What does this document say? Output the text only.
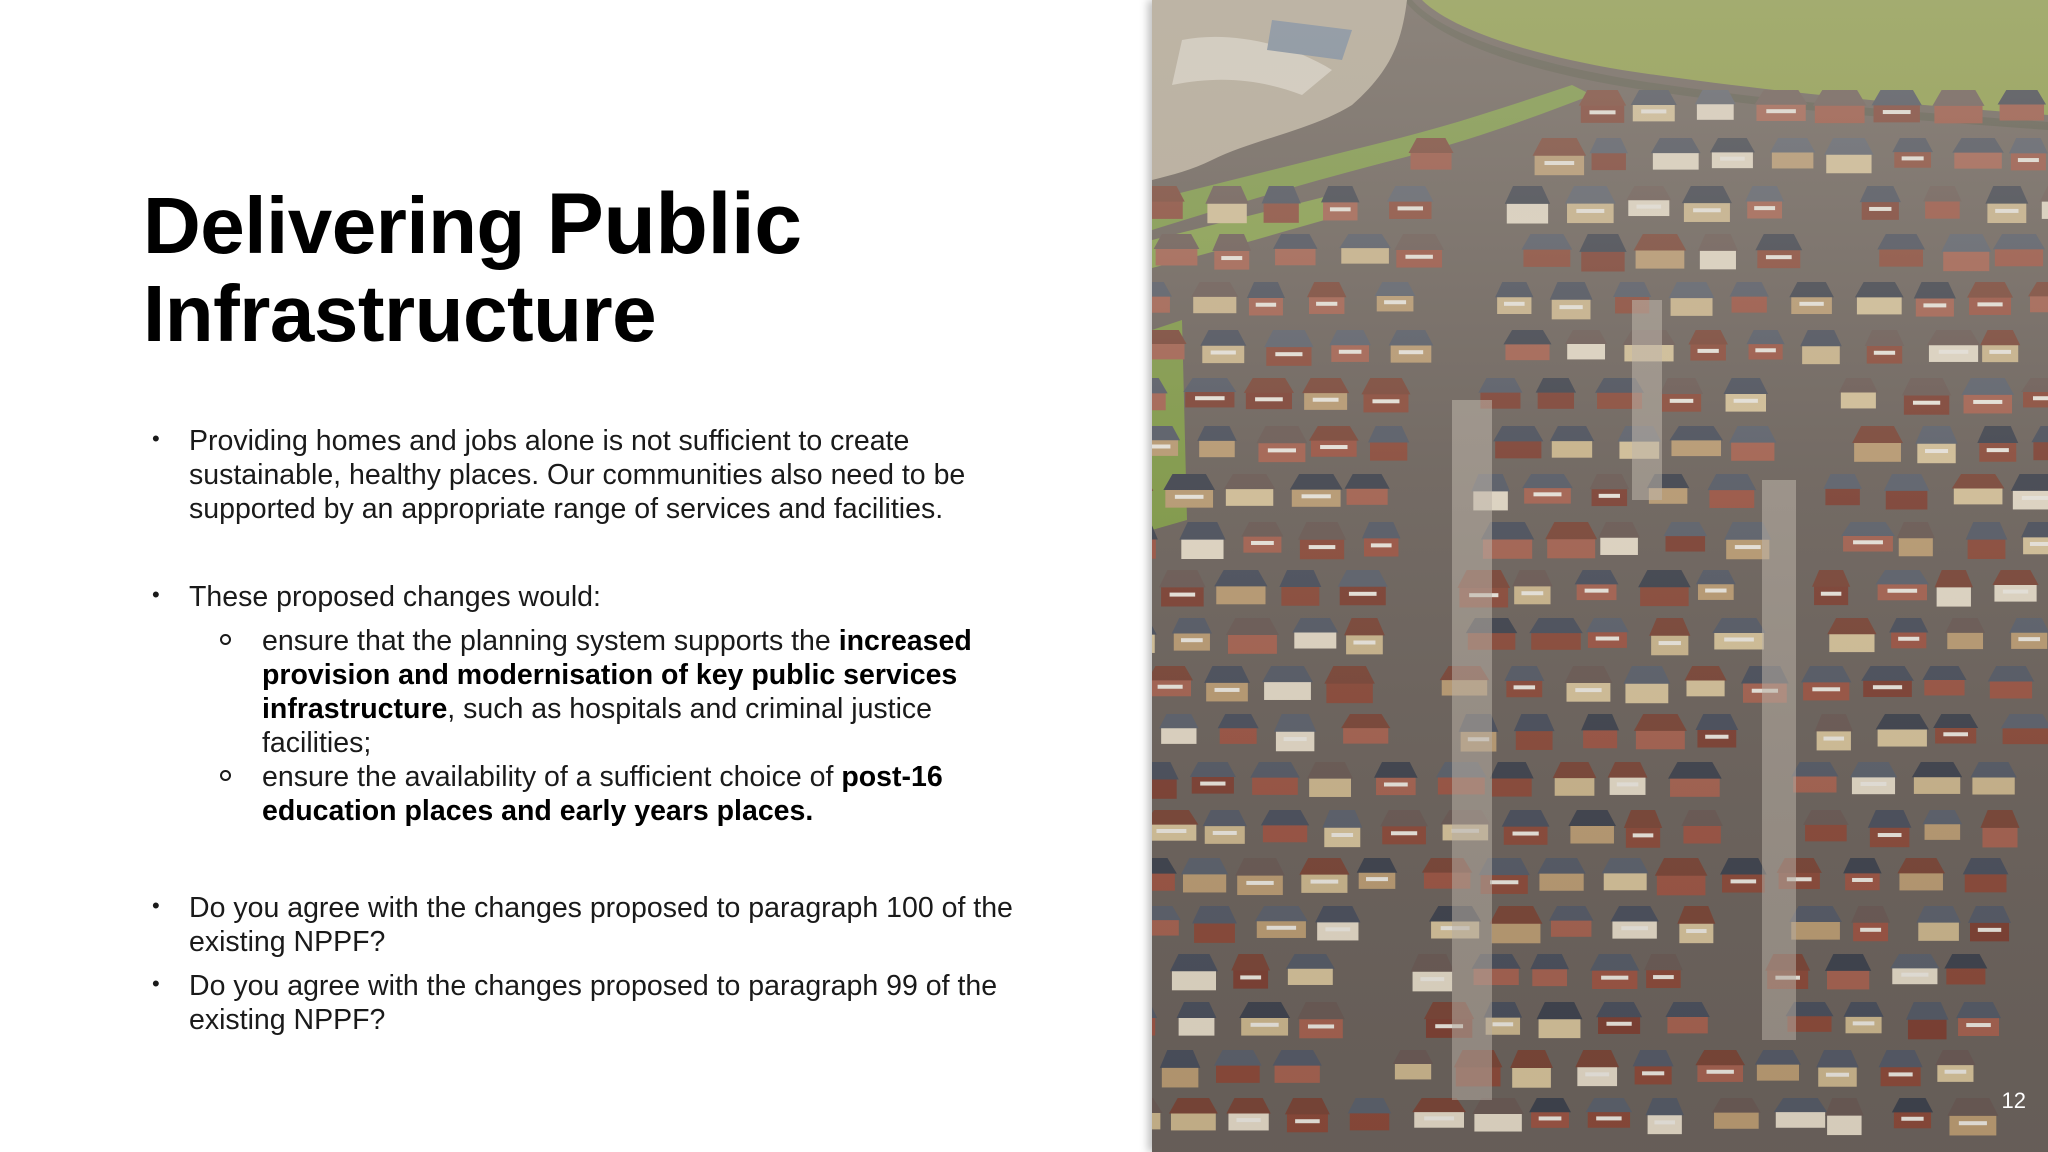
Delivering Public
Infrastructure
• Providing homes and jobs alone is not sufficient to create sustainable, healthy places. Our communities also need to be supported by an appropriate range of services and facilities.
• These proposed changes would:
ensure that the planning system supports the increased provision and modernisation of key public services infrastructure, such as hospitals and criminal justice facilities;
ensure the availability of a sufficient choice of post-16 education places and early years places.
• Do you agree with the changes proposed to paragraph 100 of the existing NPPF?
• Do you agree with the changes proposed to paragraph 99 of the existing NPPF?
12
